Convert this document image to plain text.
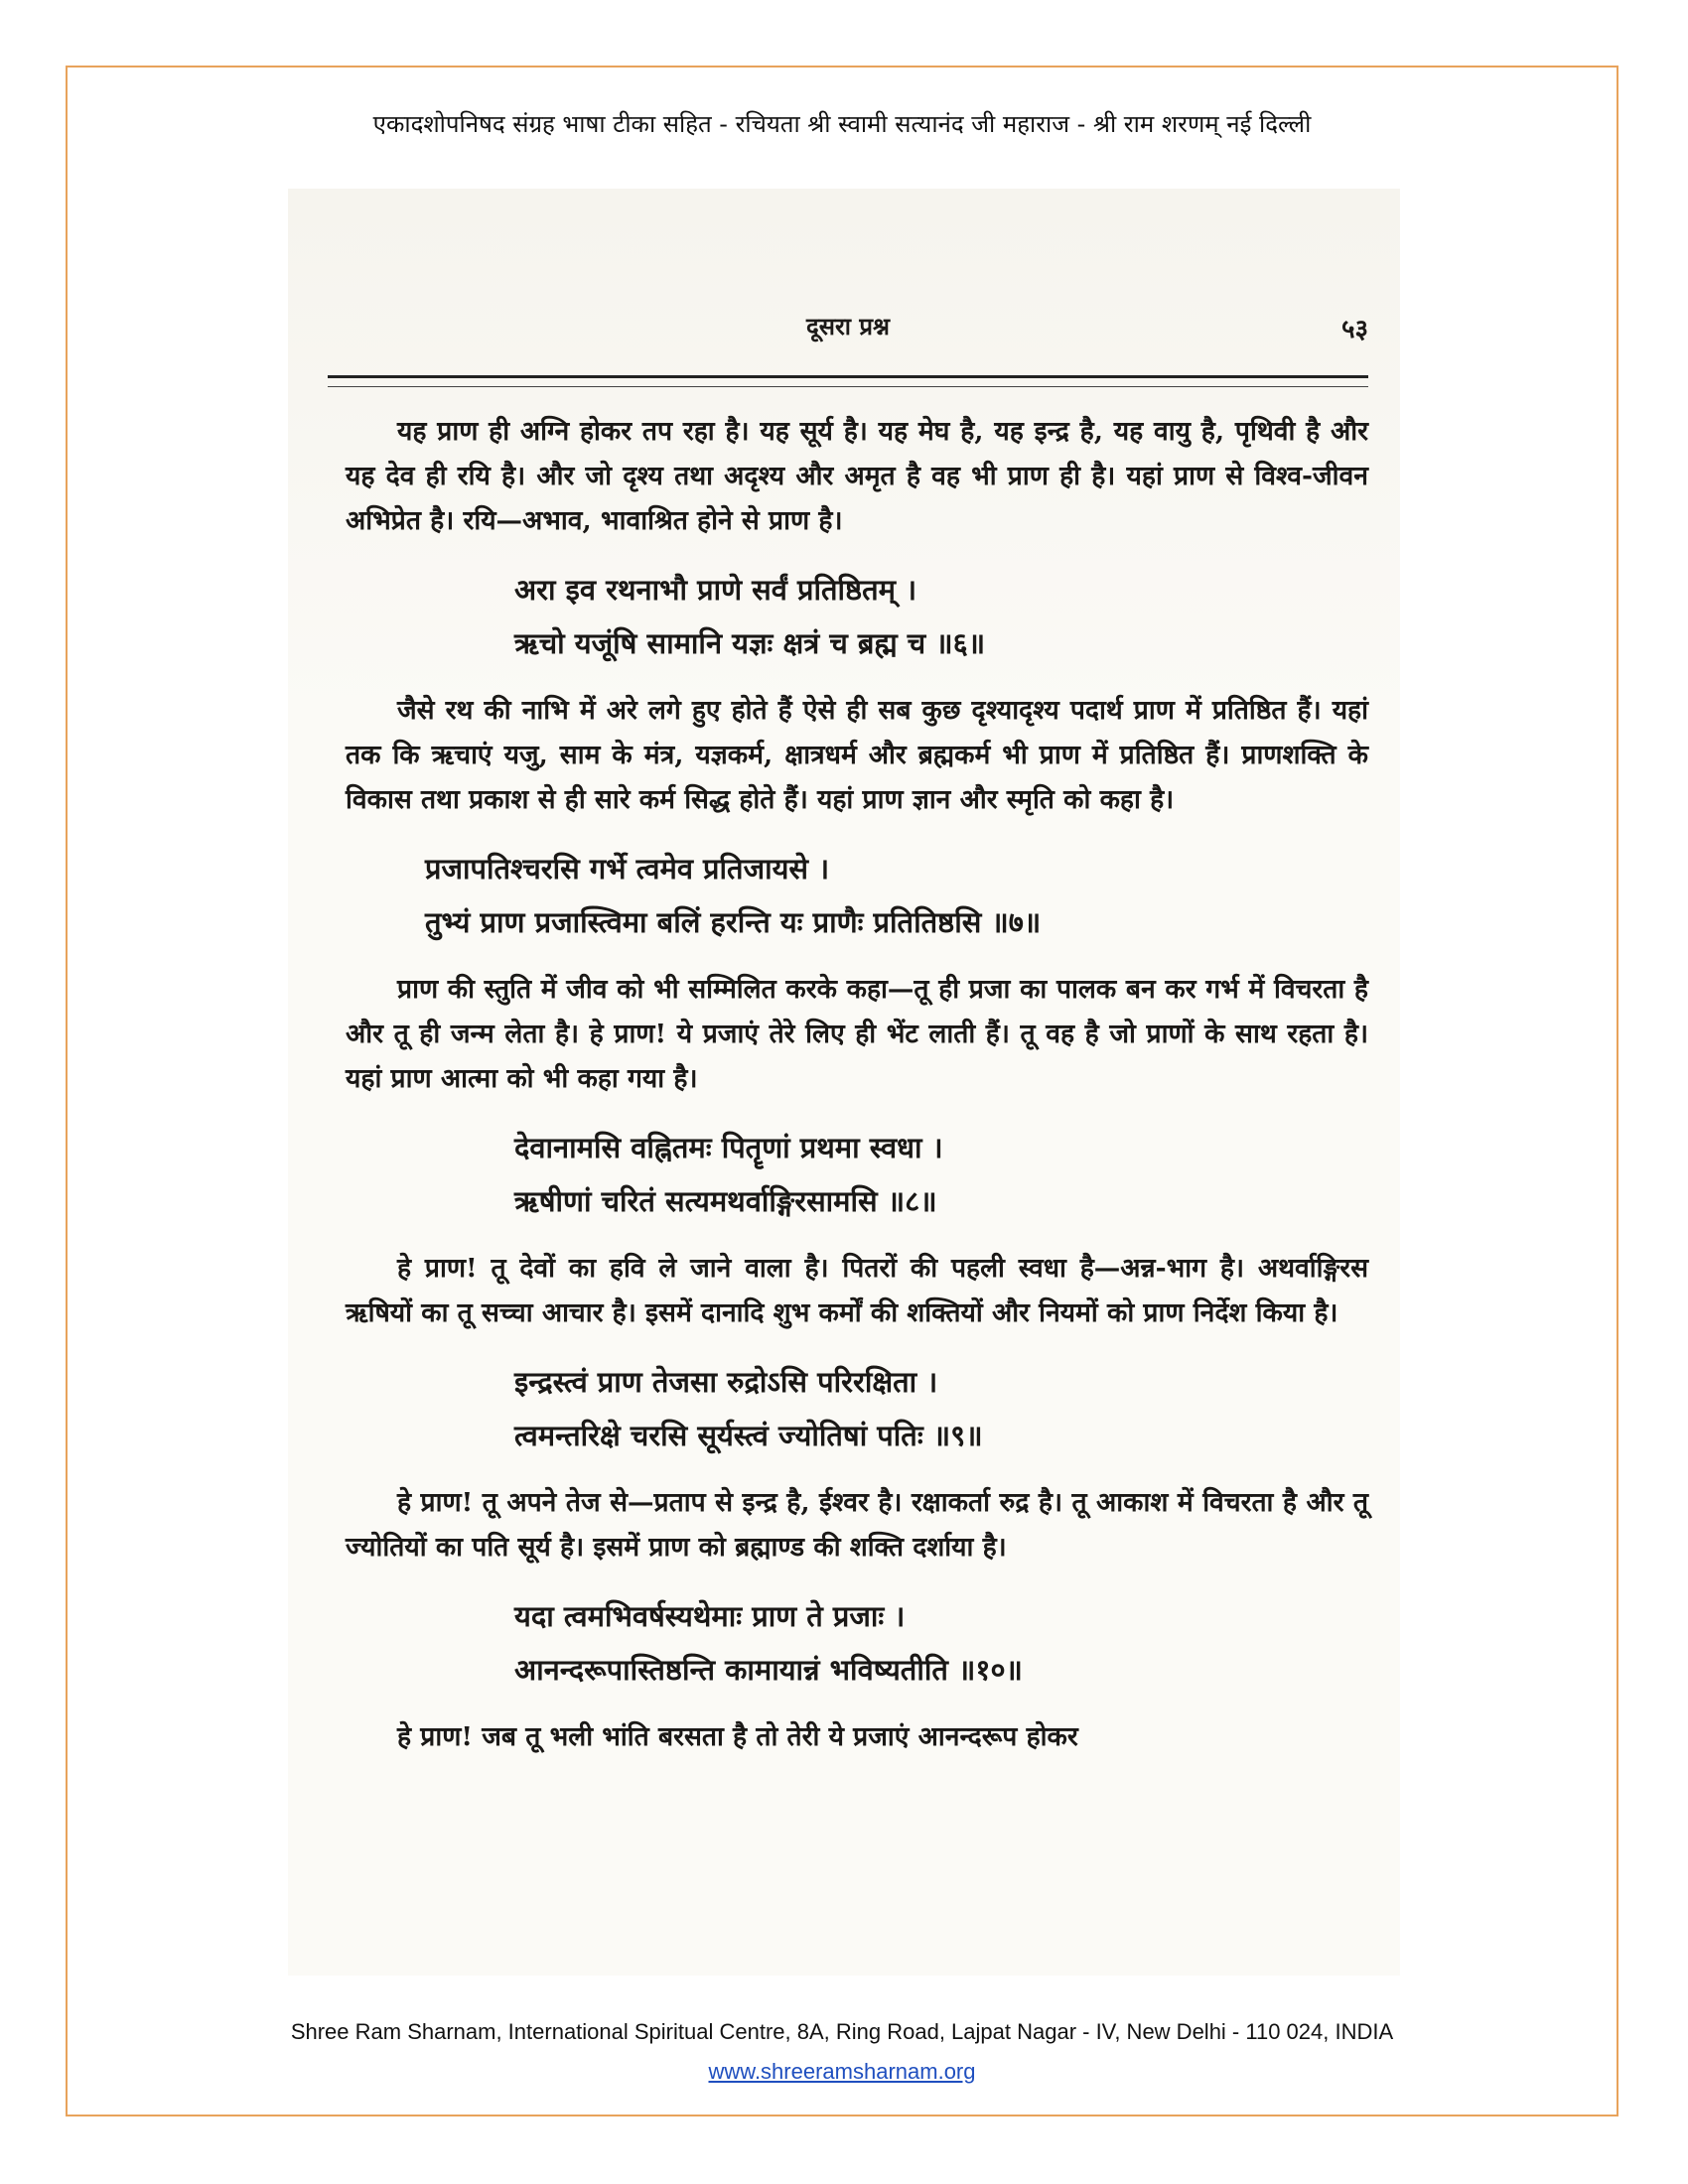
एकादशोपनिषद संग्रह भाषा टीका सहित - रचियता श्री स्वामी सत्यानंद जी महाराज - श्री राम शरणम् नई दिल्ली
दूसरा प्रश्न	५३

यह प्राण ही अग्नि होकर तप रहा है। यह सूर्य है। यह मेघ है, यह इन्द्र है, यह वायु है, पृथिवी है और यह देव ही रयि है। और जो दृश्य तथा अदृश्य और अमृत है वह भी प्राण ही है। यहां प्राण से विश्व-जीवन अभिप्रेत है। रयि—अभाव, भावाश्रित होने से प्राण है।

अरा इव रथनाभौ प्राणे सर्वं प्रतिष्ठितम् ।

ऋचो यजूंषि सामानि यज्ञः क्षत्रं च ब्रह्म च ॥६॥

जैसे रथ की नाभि में अरे लगे हुए होते हैं ऐसे ही सब कुछ दृश्यादृश्य पदार्थ प्राण में प्रतिष्ठित हैं। यहां तक कि ऋचाएं यजु, साम के मंत्र, यज्ञकर्म, क्षात्रधर्म और ब्रह्मकर्म भी प्राण में प्रतिष्ठित हैं। प्राणशक्ति के विकास तथा प्रकाश से ही सारे कर्म सिद्ध होते हैं। यहां प्राण ज्ञान और स्मृति को कहा है।

प्रजापतिश्चरसि गर्भे त्वमेव प्रतिजायसे ।

तुभ्यं प्राण प्रजास्त्विमा बलिं हरन्ति यः प्राणैः प्रतितिष्ठसि ॥७॥

प्राण की स्तुति में जीव को भी सम्मिलित करके कहा—तू ही प्रजा का पालक बन कर गर्भ में विचरता है और तू ही जन्म लेता है। हे प्राण! ये प्रजाएं तेरे लिए ही भेंट लाती हैं। तू वह है जो प्राणों के साथ रहता है। यहां प्राण आत्मा को भी कहा गया है।

देवानामसि वह्नितमः पितॄणां प्रथमा स्वधा ।

ऋषीणां चरितं सत्यमथर्वाङ्गिरसामसि ॥८॥

हे प्राण! तू देवों का हवि ले जाने वाला है। पितरों की पहली स्वधा है—अन्न-भाग है। अथर्वाङ्गिरस ऋषियों का तू सच्चा आचार है। इसमें दानादि शुभ कर्मों की शक्तियों और नियमों को प्राण निर्देश किया है।

इन्द्रस्त्वं प्राण तेजसा रुद्रोऽसि परिरक्षिता ।

त्वमन्तरिक्षे चरसि सूर्यस्त्वं ज्योतिषां पतिः ॥९॥

हे प्राण! तू अपने तेज से—प्रताप से इन्द्र है, ईश्वर है। रक्षाकर्ता रुद्र है। तू आकाश में विचरता है और तू ज्योतियों का पति सूर्य है। इसमें प्राण को ब्रह्माण्ड की शक्ति दर्शाया है।

यदा त्वमभिवर्षस्यथेमाः प्राण ते प्रजाः ।

आनन्दरूपास्तिष्ठन्ति कामायान्नं भविष्यतीति ॥१०॥

हे प्राण! जब तू भली भांति बरसता है तो तेरी ये प्रजाएं आनन्दरूप होकर

Shree Ram Sharnam, International Spiritual Centre, 8A, Ring Road, Lajpat Nagar - IV, New Delhi - 110 024, INDIA
www.shreeramsharnam.org
